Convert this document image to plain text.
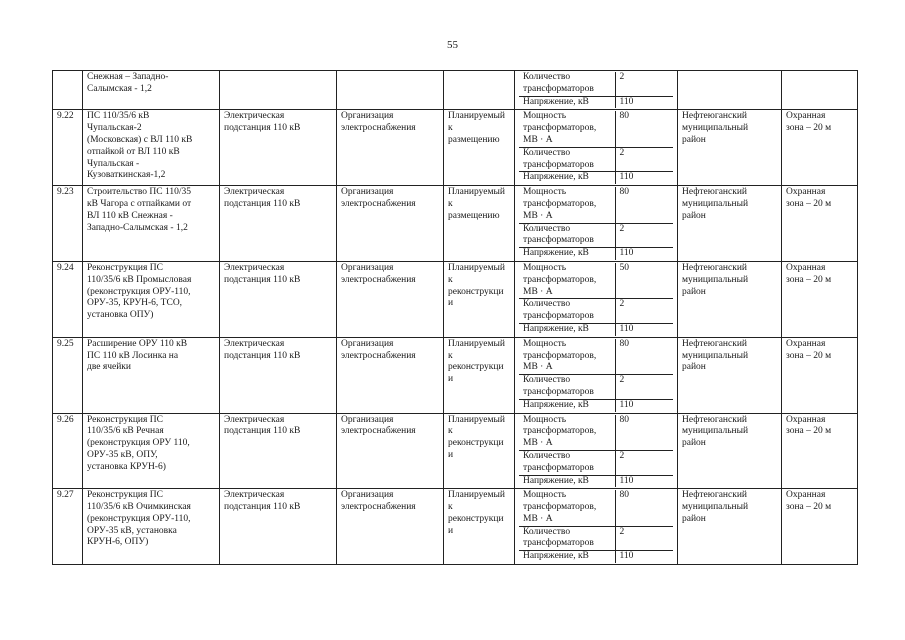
55
	Снежная – Западно-
Салымская - 1,2				
Количество
трансформаторов	2
Напряжение, кВ	110

9.22	ПС 110/35/6 кВ
Чупальская-2
(Московская) с ВЛ 110 кВ
отпайкой от ВЛ 110 кВ
Чупальская -
Кузоваткинская-1,2	Электрическая
подстанция 110 кВ	Организация
электроснабжения	Планируемый
к
размещению	
Мощность
трансформаторов,
МВ · А	80
Количество
трансформаторов	2
Напряжение, кВ	110
	Нефтеюганский
муниципальный
район	Охранная
зона – 20 м
9.23	Строительство ПС 110/35
кВ Чагора с отпайками от
ВЛ 110 кВ Снежная -
Западно-Салымская - 1,2	Электрическая
подстанция 110 кВ	Организация
электроснабжения	Планируемый
к
размещению	
Мощность
трансформаторов,
МВ · А	80
Количество
трансформаторов	2
Напряжение, кВ	110
	Нефтеюганский
муниципальный
район	Охранная
зона – 20 м
9.24	Реконструкция ПС
110/35/6 кВ Промысловая
(реконструкция ОРУ-110,
ОРУ-35, КРУН-6, ТСО,
установка ОПУ)	Электрическая
подстанция 110 кВ	Организация
электроснабжения	Планируемый
к
реконструкци
и	
Мощность
трансформаторов,
МВ · А	50
Количество
трансформаторов	2
Напряжение, кВ	110
	Нефтеюганский
муниципальный
район	Охранная
зона – 20 м
9.25	Расширение ОРУ 110 кВ
ПС 110 кВ Лосинка на
две ячейки	Электрическая
подстанция 110 кВ	Организация
электроснабжения	Планируемый
к
реконструкци
и	
Мощность
трансформаторов,
МВ · А	80
Количество
трансформаторов	2
Напряжение, кВ	110
	Нефтеюганский
муниципальный
район	Охранная
зона – 20 м
9.26	Реконструкция ПС
110/35/6 кВ Речная
(реконструкция ОРУ 110,
ОРУ-35 кВ, ОПУ,
установка КРУН-6)	Электрическая
подстанция 110 кВ	Организация
электроснабжения	Планируемый
к
реконструкци
и	
Мощность
трансформаторов,
МВ · А	80
Количество
трансформаторов	2
Напряжение, кВ	110
	Нефтеюганский
муниципальный
район	Охранная
зона – 20 м
9.27	Реконструкция ПС
110/35/6 кВ Очимкинская
(реконструкция ОРУ-110,
ОРУ-35 кВ, установка
КРУН-6, ОПУ)	Электрическая
подстанция 110 кВ	Организация
электроснабжения	Планируемый
к
реконструкци
и	
Мощность
трансформаторов,
МВ · А	80
Количество
трансформаторов	2
Напряжение, кВ	110
	Нефтеюганский
муниципальный
район	Охранная
зона – 20 м
